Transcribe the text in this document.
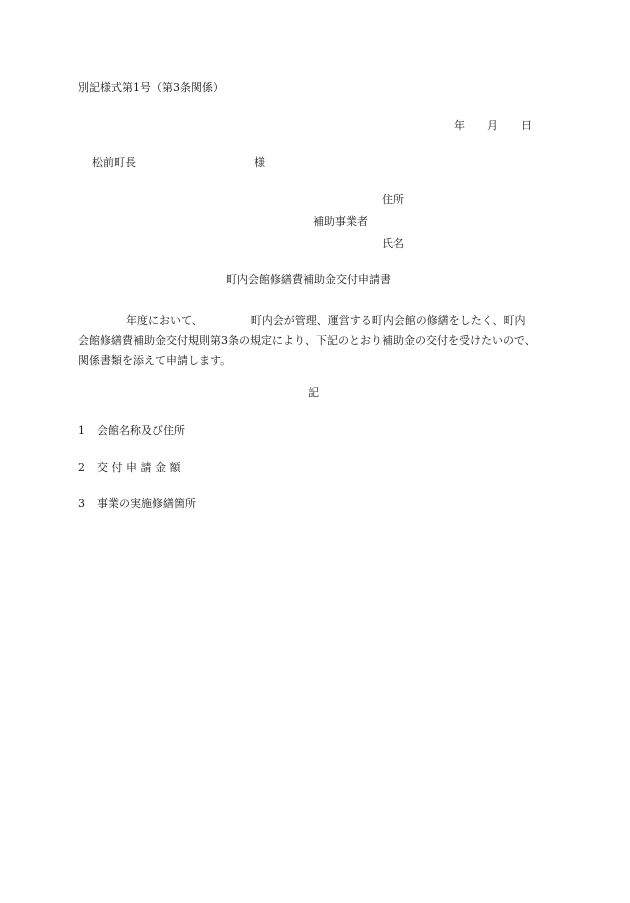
別記様式第1号（第3条関係）
年 月 日
松前町長	様
住所
補助事業者
氏名
町内会館修繕費補助金交付申請書
年度において、	町内会が管理、運営する町内会館の修繕をしたく、町内
会館修繕費補助金交付規則第3条の規定により、下記のとおり補助金の交付を受けたいので、
関係書類を添えて申請します。
記
1 会館名称及び住所
2 交 付 申 請 金 額
3 事業の実施修繕箇所
